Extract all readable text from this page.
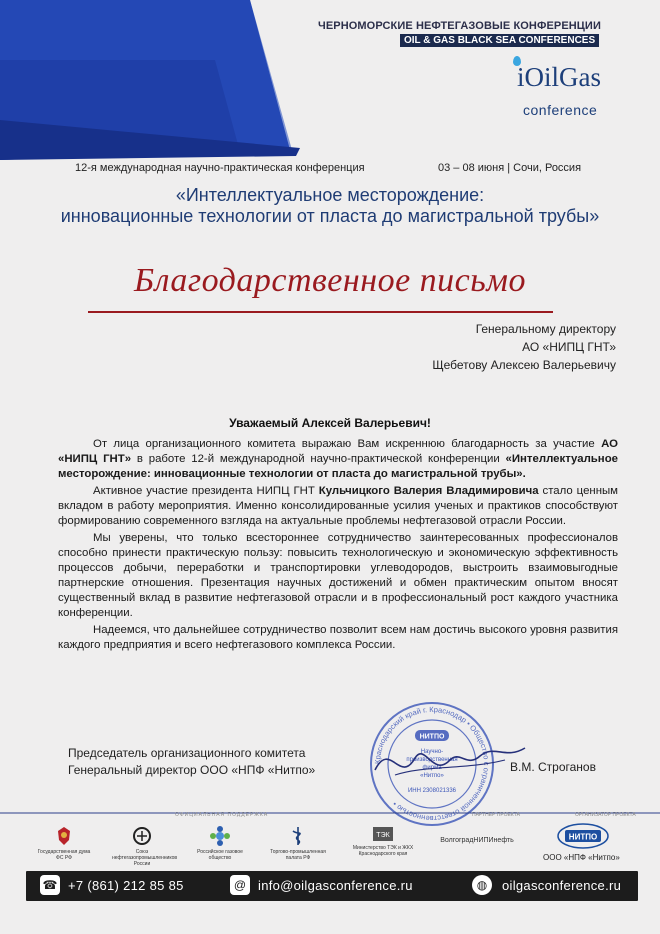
ЧЕРНОМОРСКИЕ НЕФТЕГАЗОВЫЕ КОНФЕРЕНЦИИ
OIL & GAS BLACK SEA CONFERENCES
iOilGas
conference
12-я международная научно-практическая конференция	03 – 08 июня | Сочи, Россия
«Интеллектуальное месторождение:
инновационные технологии от пласта до магистральной трубы»
Благодарственное письмо
Генеральному директору
АО «НИПЦ ГНТ»
Щебетову Алексею Валерьевичу
Уважаемый Алексей Валерьевич!

От лица организационного комитета выражаю Вам искреннюю благодарность за участие АО «НИПЦ ГНТ» в работе 12-й международной научно-практической конференции «Интеллектуальное месторождение: инновационные технологии от пласта до магистральной трубы».

Активное участие президента НИПЦ ГНТ Кульчицкого Валерия Владимировича стало ценным вкладом в работу мероприятия. Именно консолидированные усилия ученых и практиков способствуют формированию современного взгляда на актуальные проблемы нефтегазовой отрасли России.

Мы уверены, что только всестороннее сотрудничество заинтересованных профессионалов способно принести практическую пользу: повысить технологическую и экономическую эффективность процессов добычи, переработки и транспортировки углеводородов, выстроить взаимовыгодные партнерские отношения. Презентация научных достижений и обмен практическим опытом вносят существенный вклад в развитие нефтегазовой отрасли и в профессиональный рост каждого участника конференции.

Надеемся, что дальнейшее сотрудничество позволит всем нам достичь высокого уровня развития каждого предприятия и всего нефтегазового комплекса России.

Председатель организационного комитета
Генеральный директор ООО «НПФ «Нитпо»	В.М. Строганов
Краснодарский край г. Краснодар • Общество с ограниченной ответственностью •
НИТПО
Научно-
производственная
фирма
«Нитпо»
ИНН 2308021336
ОФИЦИАЛЬНАЯ ПОДДЕРЖКА	ПАРТНЕР ПРОЕКТА	ОРГАНИЗАТОР ПРОЕКТА
Государственная дума ФС РФ
Союз нефтегазопромышленников России
Российское газовое общество
Торгово-промышленная палата РФ
ТЭК
Министерство ТЭК и ЖКХ Краснодарского края
ВолгоградНИПИнефть	НИТПО
ООО «НПФ «Нитпо»
☎ +7 (861) 212 85 85	@ info@oilgasconference.ru	◍	oilgasconference.ru
